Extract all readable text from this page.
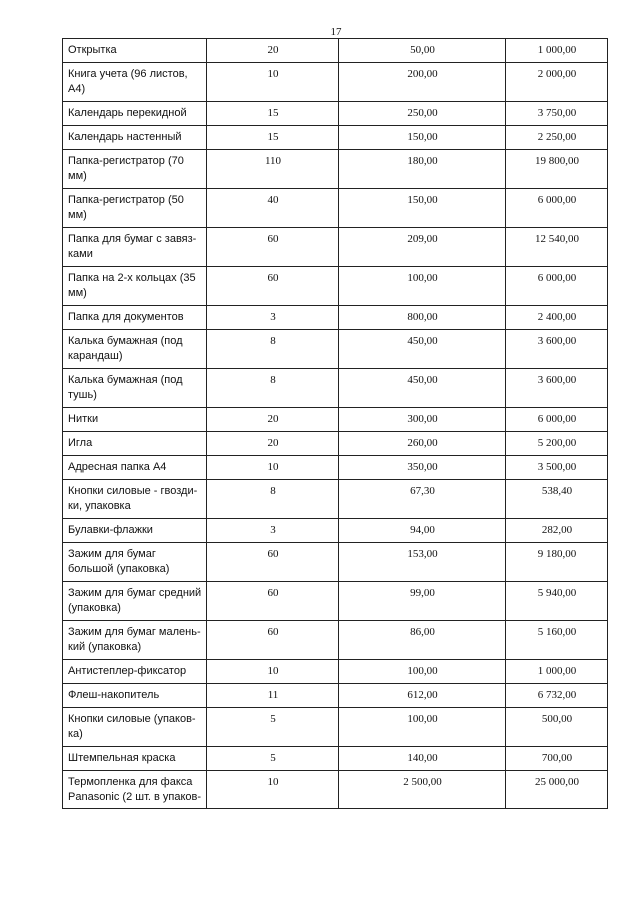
17
Открытка	20	50,00	1 000,00
Книга учета (96 листов, А4)	10	200,00	2 000,00
Календарь перекидной	15	250,00	3 750,00
Календарь настенный	15	150,00	2 250,00
Папка-регистратор (70 мм)	110	180,00	19 800,00
Папка-регистратор (50 мм)	40	150,00	6 000,00
Папка для бумаг с завяз-ками	60	209,00	12 540,00
Папка на 2-х кольцах (35 мм)	60	100,00	6 000,00
Папка для документов	3	800,00	2 400,00
Калька бумажная (под карандаш)	8	450,00	3 600,00
Калька бумажная (под тушь)	8	450,00	3 600,00
Нитки	20	300,00	6 000,00
Игла	20	260,00	5 200,00
Адресная папка А4	10	350,00	3 500,00
Кнопки силовые - гвозди-ки, упаковка	8	67,30	538,40
Булавки-флажки	3	94,00	282,00
Зажим для бумаг большой (упаковка)	60	153,00	9 180,00
Зажим для бумаг средний (упаковка)	60	99,00	5 940,00
Зажим для бумаг малень-кий (упаковка)	60	86,00	5 160,00
Антистеплер-фиксатор	10	100,00	1 000,00
Флеш-накопитель	11	612,00	6 732,00
Кнопки силовые (упаков-ка)	5	100,00	500,00
Штемпельная краска	5	140,00	700,00
Термопленка для факса Panasonic (2 шт. в упаков-	10	2 500,00	25 000,00
